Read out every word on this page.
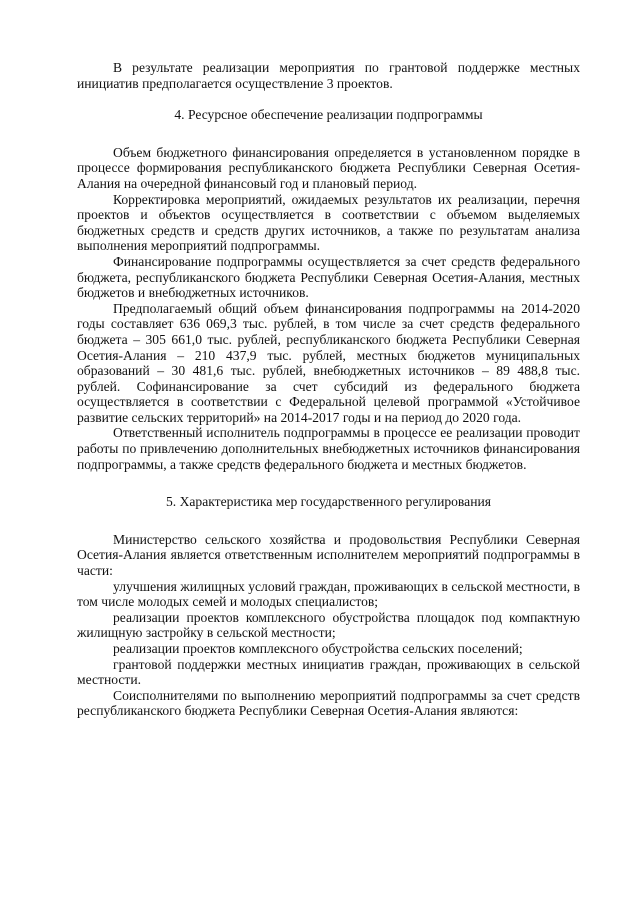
В результате реализации мероприятия по грантовой поддержке местных инициатив предполагается осуществление 3 проектов.

4. Ресурсное обеспечение реализации подпрограммы

Объем бюджетного финансирования определяется в установленном порядке в процессе формирования республиканского бюджета Республики Северная Осетия-Алания на очередной финансовый год и плановый период.

Корректировка мероприятий, ожидаемых результатов их реализации, перечня проектов и объектов осуществляется в соответствии с объемом выделяемых бюджетных средств и средств других источников, а также по результатам анализа выполнения мероприятий подпрограммы.

Финансирование подпрограммы осуществляется за счет средств федерального бюджета, республиканского бюджета Республики Северная Осетия-Алания, местных бюджетов и внебюджетных источников.

Предполагаемый общий объем финансирования подпрограммы на 2014-2020 годы составляет 636 069,3 тыс. рублей, в том числе за счет средств федерального бюджета – 305 661,0 тыс. рублей, республиканского бюджета Республики Северная Осетия-Алания – 210 437,9 тыс. рублей, местных бюджетов муниципальных образований – 30 481,6 тыс. рублей, внебюджетных источников – 89 488,8 тыс. рублей. Софинансирование за счет субсидий из федерального бюджета осуществляется в соответствии с Федеральной целевой программой «Устойчивое развитие сельских территорий» на 2014-2017 годы и на период до 2020 года.

Ответственный исполнитель подпрограммы в процессе ее реализации проводит работы по привлечению дополнительных внебюджетных источников финансирования подпрограммы, а также средств федерального бюджета и местных бюджетов.

5. Характеристика мер государственного регулирования

Министерство сельского хозяйства и продовольствия Республики Северная Осетия-Алания является ответственным исполнителем мероприятий подпрограммы в части:

улучшения жилищных условий граждан, проживающих в сельской местности, в том числе молодых семей и молодых специалистов;

реализации проектов комплексного обустройства площадок под компактную жилищную застройку в сельской местности;

реализации проектов комплексного обустройства сельских поселений;

грантовой поддержки местных инициатив граждан, проживающих в сельской местности.

Соисполнителями по выполнению мероприятий подпрограммы за счет средств республиканского бюджета Республики Северная Осетия-Алания являются:
